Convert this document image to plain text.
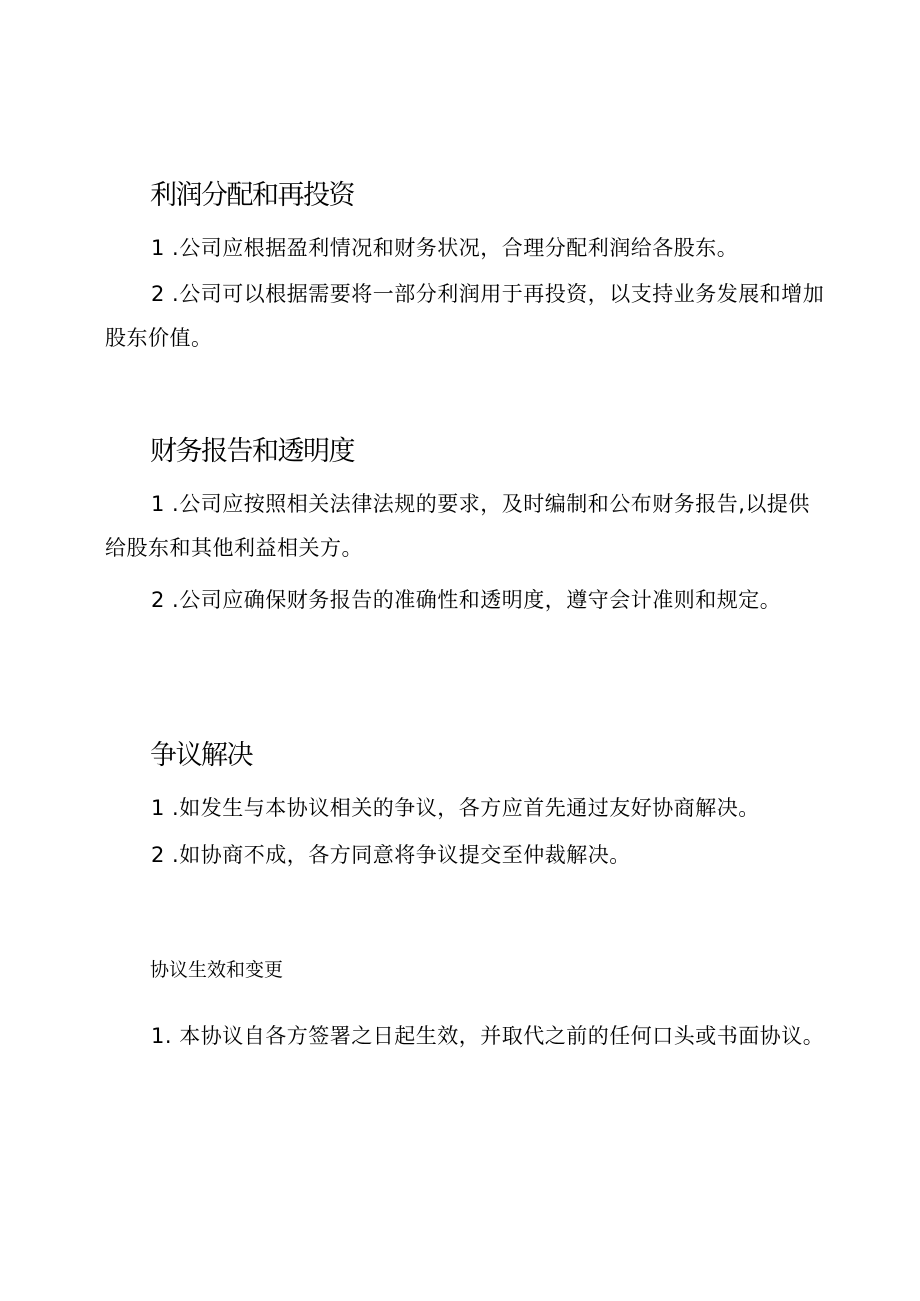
利润分配和再投资

1 .公司应根据盈利情况和财务状况，合理分配利润给各股东。

2 .公司可以根据需要将一部分利润用于再投资，以支持业务发展和增加股东价值。

财务报告和透明度

1 .公司应按照相关法律法规的要求，及时编制和公布财务报告,以提供给股东和其他利益相关方。

2 .公司应确保财务报告的准确性和透明度，遵守会计准则和规定。

争议解决

1 .如发生与本协议相关的争议，各方应首先通过友好协商解决。

2 .如协商不成，各方同意将争议提交至仲裁解决。

协议生效和变更

1. 本协议自各方签署之日起生效，并取代之前的任何口头或书面协议。
